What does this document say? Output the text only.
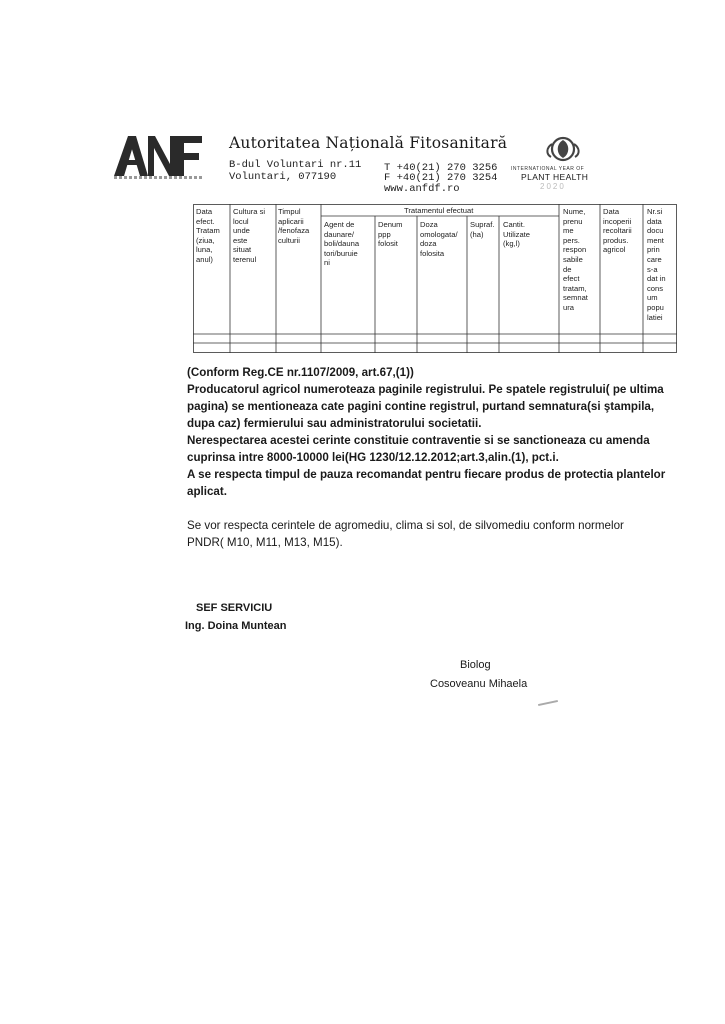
Autoritatea Națională Fitosanitară
B-dul Voluntari nr.11
Voluntari, 077190
T +40(21) 270 3256
F +40(21) 270 3254
www.anfdf.ro
INTERNATIONAL YEAR OF
PLANT HEALTH
2020
Data
efect.
Tratam
(ziua,
luna,
anul)
Cultura si
locul
unde
este
situat
terenul
Timpul
aplicarii
/fenofaza
culturii
Tratamentul efectuat
Agent de
daunare/
boli/dauna
tori/buruie
ni
Denum
ppp
folosit
Doza
omologata/
doza
folosita
Supraf.
(ha)
Cantit.
Utilizate
(kg,l)
Nume,
prenu
me
pers.
respon
sabile
de
efect
tratam,
semnat
ura
Data
incoperii
recoltarii
produs.
agricol
Nr.si
data
docu
ment
prin
care
s-a
dat in
cons
um
popu
latiei
(Conform Reg.CE nr.1107/2009, art.67,(1))
Producatorul agricol numeroteaza paginile registrului. Pe spatele registrului( pe ultima
pagina) se mentioneaza cate pagini contine registrul, purtand semnatura(si ştampila,
dupa caz) fermierului sau administratorului societatii.
Nerespectarea acestei cerinte constituie contraventie si se sanctioneaza cu amenda
cuprinsa intre 8000-10000 lei(HG 1230/12.12.2012;art.3,alin.(1), pct.i.
A se respecta timpul de pauza recomandat pentru fiecare produs de protectia plantelor
aplicat.
Se vor respecta cerintele de agromediu, clima si sol, de silvomediu conform normelor
PNDR( M10, M11, M13, M15).
SEF SERVICIU
Ing. Doina Muntean
Biolog
Cosoveanu Mihaela
